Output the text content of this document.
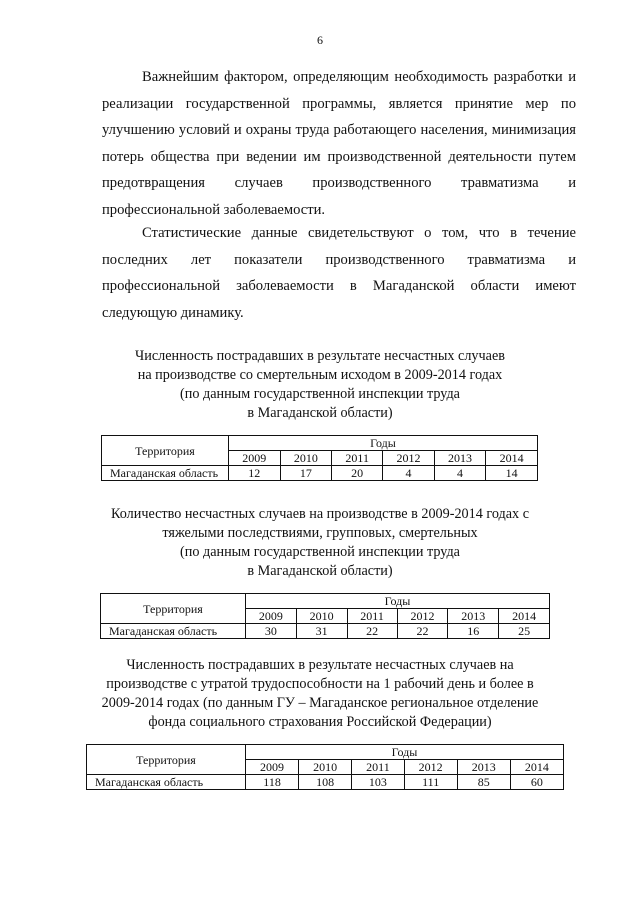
6
Важнейшим фактором, определяющим необходимость разработки и реализации государственной программы, является принятие мер по улучшению условий и охраны труда работающего населения, минимизация потерь общества при ведении им производственной деятельности путем предотвращения случаев производственного травматизма и профессиональной заболеваемости.
Статистические данные свидетельствуют о том, что в течение последних лет показатели производственного травматизма и профессиональной заболеваемости в Магаданской области имеют следующую динамику.
Численность пострадавших в результате несчастных случаев
на производстве со смертельным исходом в 2009-2014 годах
(по данным государственной инспекции труда
в Магаданской области)
Территория	Годы					
	2009	2010	2011	2012	2013	2014
Магаданская область	12	17	20	4	4	14
Количество несчастных случаев на производстве в 2009-2014 годах с
тяжелыми последствиями, групповых, смертельных
(по данным государственной инспекции труда
в Магаданской области)
Территория	Годы					
	2009	2010	2011	2012	2013	2014
Магаданская область	30	31	22	22	16	25
Численность пострадавших в результате несчастных случаев на
производстве с утратой трудоспособности на 1 рабочий день и более в
2009-2014 годах (по данным ГУ – Магаданское региональное отделение
фонда социального страхования Российской Федерации)
Территория	Годы					
	2009	2010	2011	2012	2013	2014
Магаданская область	118	108	103	111	85	60
